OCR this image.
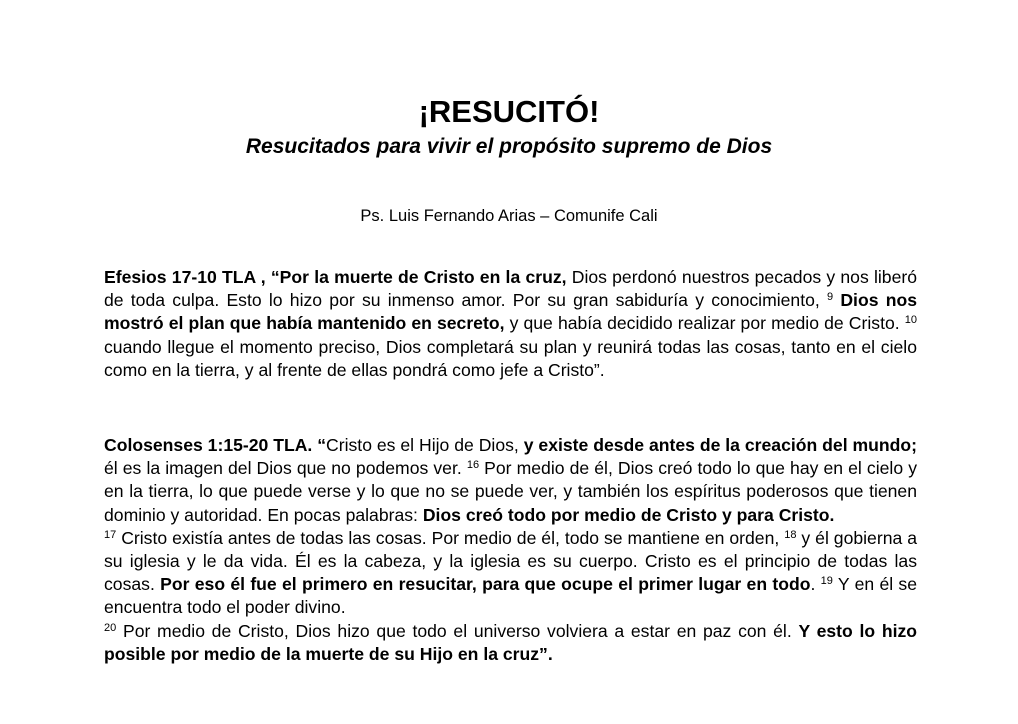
¡RESUCITÓ!
Resucitados para vivir el propósito supremo de Dios
Ps. Luis Fernando Arias – Comunife Cali

Efesios 17-10 TLA , “Por la muerte de Cristo en la cruz, Dios perdonó nuestros pecados y nos liberó de toda culpa. Esto lo hizo por su inmenso amor. Por su gran sabiduría y conocimiento, $^9$ Dios nos mostró el plan que había mantenido en secreto, y que había decidido realizar por medio de Cristo. $^{10}$ cuando llegue el momento preciso, Dios completará su plan y reunirá todas las cosas, tanto en el cielo como en la tierra, y al frente de ellas pondrá como jefe a Cristo”.

Colosenses 1:15-20 TLA. “Cristo es el Hijo de Dios, y existe desde antes de la creación del mundo; él es la imagen del Dios que no podemos ver. $^{16}$ Por medio de él, Dios creó todo lo que hay en el cielo y en la tierra, lo que puede verse y lo que no se puede ver, y también los espíritus poderosos que tienen dominio y autoridad. En pocas palabras: Dios creó todo por medio de Cristo y para Cristo.

$^{17}$ Cristo existía antes de todas las cosas. Por medio de él, todo se mantiene en orden, $^{18}$ y él gobierna a su iglesia y le da vida. Él es la cabeza, y la iglesia es su cuerpo. Cristo es el principio de todas las cosas. Por eso él fue el primero en resucitar, para que ocupe el primer lugar en todo. $^{19}$ Y en él se encuentra todo el poder divino.

$^{20}$ Por medio de Cristo, Dios hizo que todo el universo volviera a estar en paz con él. Y esto lo hizo posible por medio de la muerte de su Hijo en la cruz”.
